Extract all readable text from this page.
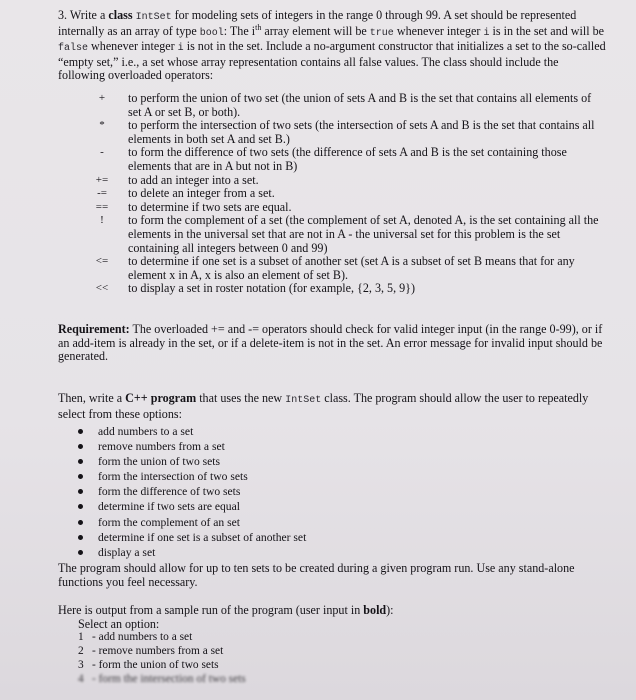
3. Write a class IntSet for modeling sets of integers in the range 0 through 99. A set should be represented internally as an array of type bool: The $i^{th}$ array element will be true whenever integer i is in the set and will be false whenever integer i is not in the set. Include a no-argument constructor that initializes a set to the so-called “empty set,” i.e., a set whose array representation contains all false values. The class should include the following overloaded operators:

+	to perform the union of two set (the union of sets A and B is the set that contains all elements of set A or set B, or both).
*	to perform the intersection of two sets (the intersection of sets A and B is the set that contains all elements in both set A and set B.)
-	to form the difference of two sets (the difference of sets A and B is the set containing those elements that are in A but not in B)
+=	to add an integer into a set.
-=	to delete an integer from a set.
==	to determine if two sets are equal.
!	to form the complement of a set (the complement of set A, denoted A, is the set containing all the elements in the universal set that are not in A - the universal set for this problem is the set containing all integers between 0 and 99)
<=	to determine if one set is a subset of another set (set A is a subset of set B means that for any element x in A, x is also an element of set B).
<<	to display a set in roster notation (for example, {2, 3, 5, 9})

Requirement: The overloaded += and -= operators should check for valid integer input (in the range 0-99), or if an add-item is already in the set, or if a delete-item is not in the set. An error message for invalid input should be generated.

Then, write a C++ program that uses the new IntSet class. The program should allow the user to repeatedly select from these options:

add numbers to a set
remove numbers from a set
form the union of two sets
form the intersection of two sets
form the difference of two sets
determine if two sets are equal
form the complement of an set
determine if one set is a subset of another set
display a set

The program should allow for up to ten sets to be created during a given program run. Use any stand-alone functions you feel necessary.

Here is output from a sample run of the program (user input in bold):
Select an option:
1 - add numbers to a set
2 - remove numbers from a set
3 - form the union of two sets
4 - form the intersection of two sets
